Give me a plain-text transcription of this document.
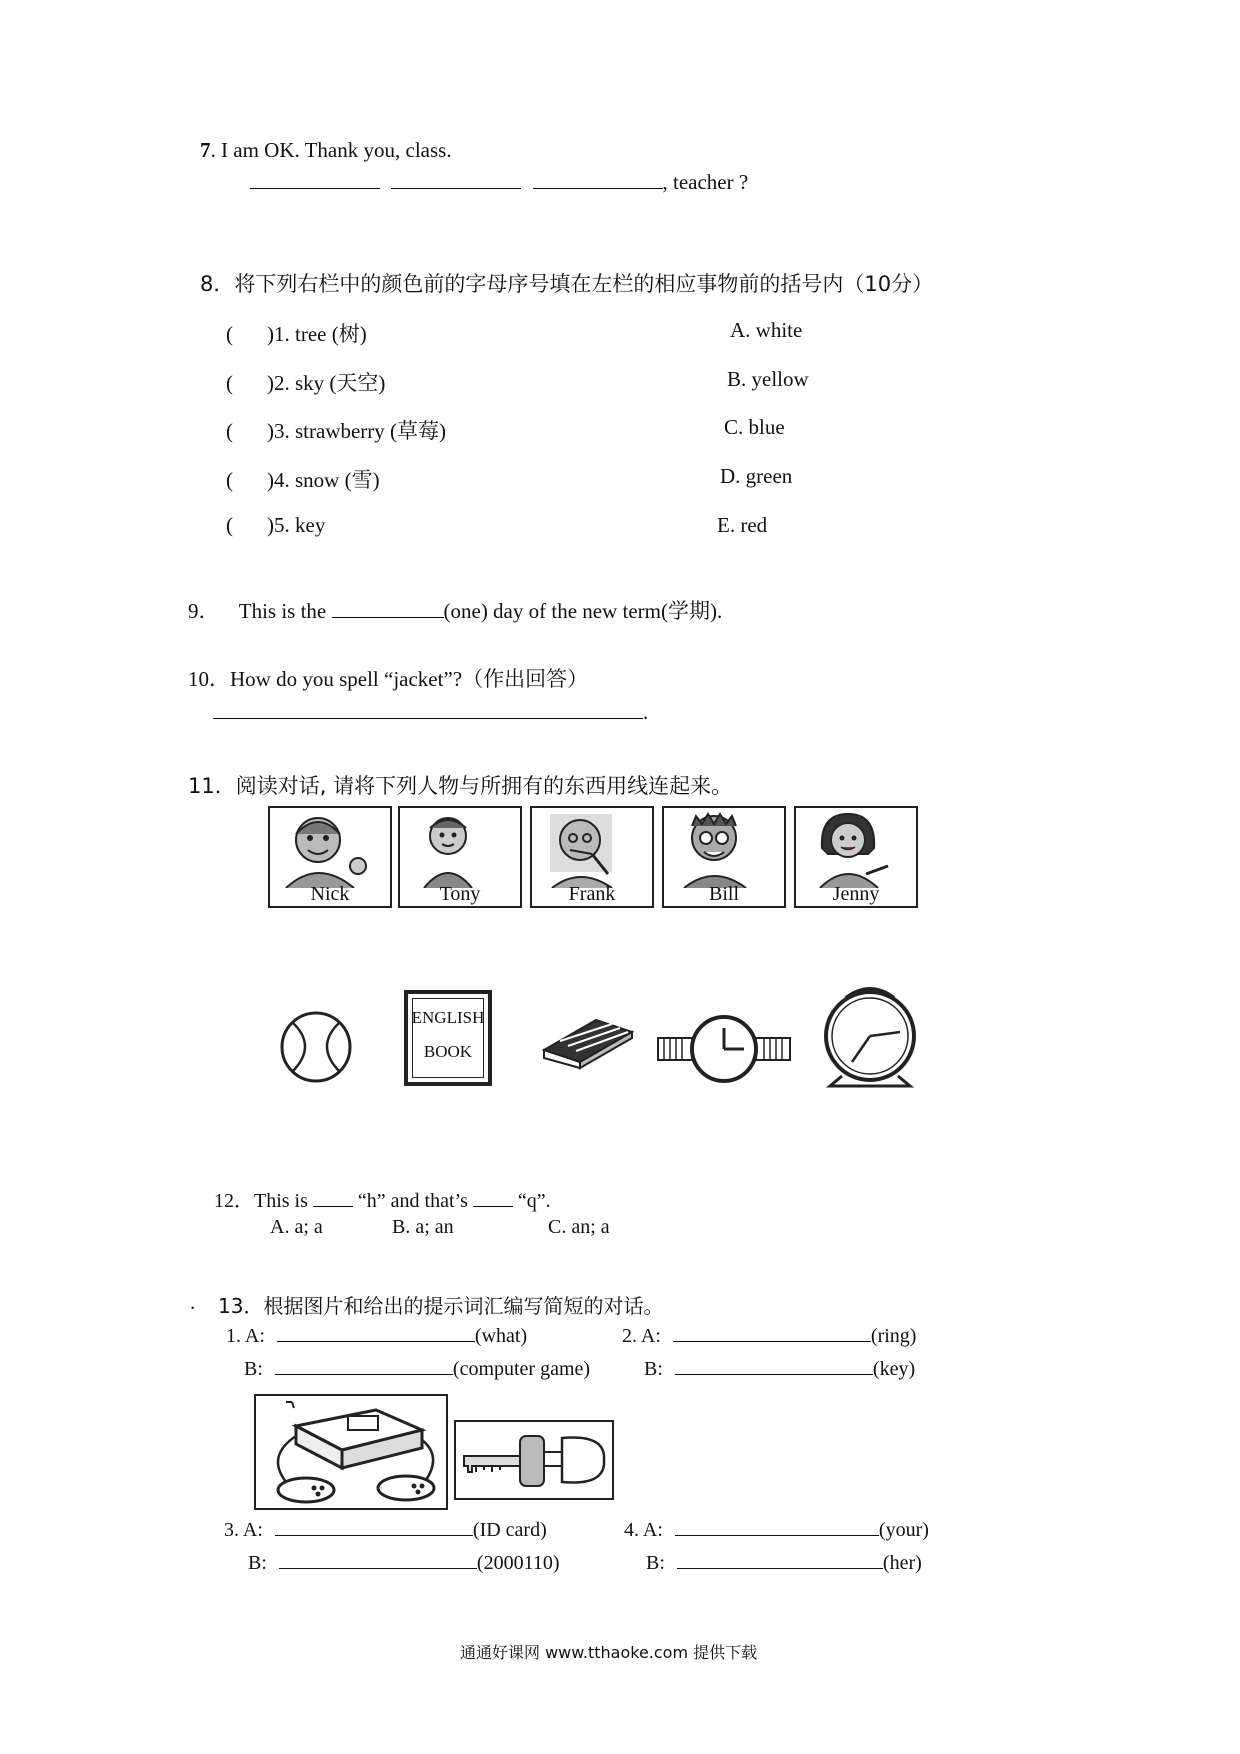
7. I am OK. Thank you, class.
, teacher ?
8．将下列右栏中的颜色前的字母序号填在左栏的相应事物前的括号内（10分）
( )1. tree (树)
( )2. sky (天空)
( )3. strawberry (草莓)
( )4. snow (雪)
( )5. key
A. white
B. yellow
C. blue
D. green
E. red
9． This is the	(one) day of the new term(学期).
10．How do you spell “jacket”?（作出回答）
.
11．阅读对话, 请将下列人物与所拥有的东西用线连起来。
Nick	Tony	Frank	Bill	Jenny
ENGLISH
BOOK
12．This is  “h” and that’s  “q”.
A. a; a	B. a; an	C. an; a
. 13．根据图片和给出的提示词汇编写简短的对话。
1. A:	(what)
B:	(computer game)
2. A:	(ring)
B:	(key)
3. A:	(ID card)
B:	(2000110)
4. A:	(your)
B:	(her)
通通好课网 www.tthaoke.com 提供下载
